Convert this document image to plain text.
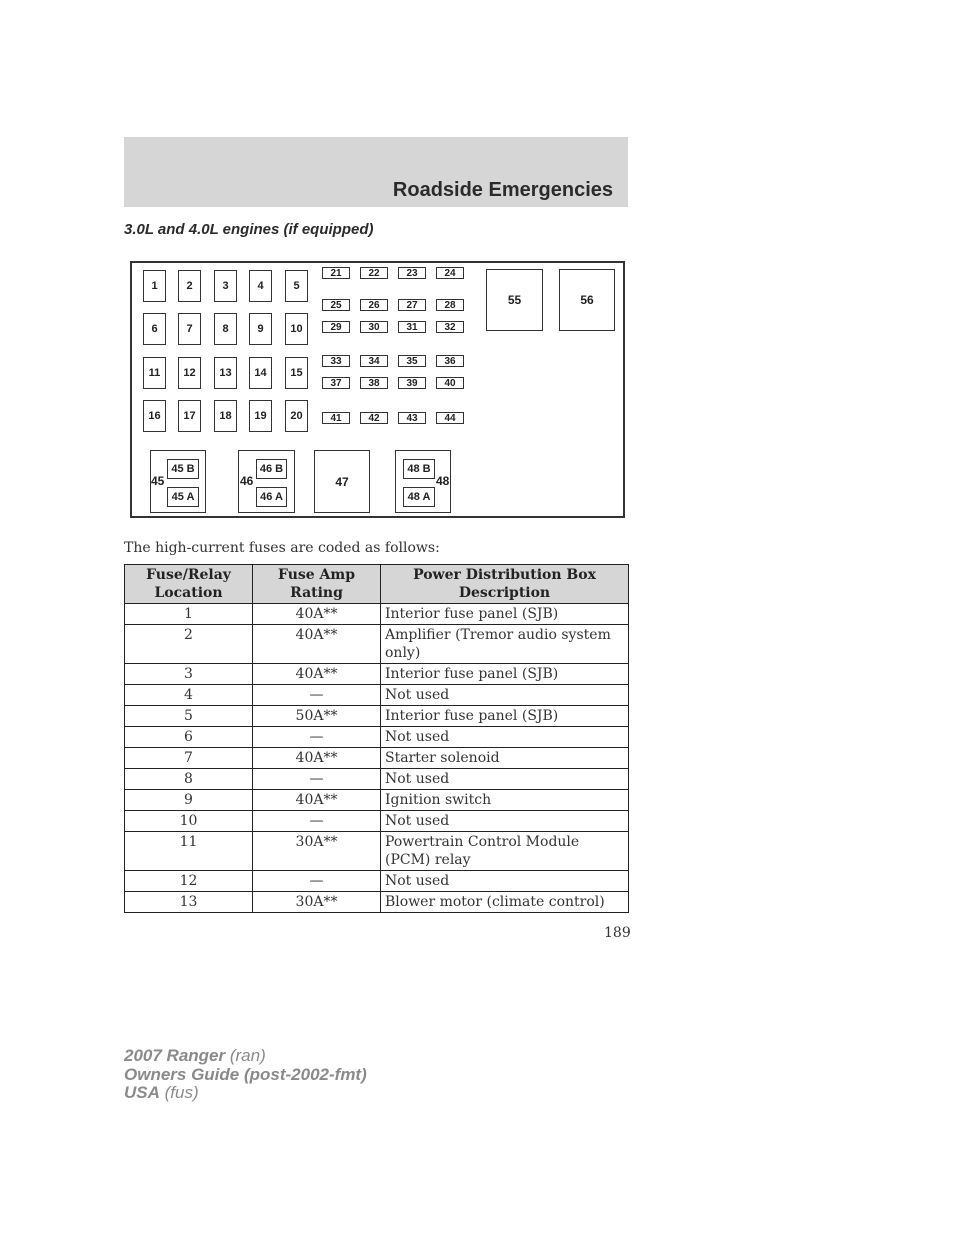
Roadside Emergencies
3.0L and 4.0L engines (if equipped)
55	56
47
45 B
45 A
45
46 B
46 A
46
48 B
48 A
48
1	2	3	4	5
6	7	8	9	10
11	12	13	14	15
16	17	18	19	20
21	22	23	24
25	26	27	28
29	30	31	32
33	34	35	36
37	38	39	40
41	42	43	44
The high-current fuses are coded as follows:
Fuse/Relay Location	Fuse Amp Rating	Power Distribution Box Description
1	40A**	Interior fuse panel (SJB)
2	40A**	Amplifier (Tremor audio system only)
3	40A**	Interior fuse panel (SJB)
4	—	Not used
5	50A**	Interior fuse panel (SJB)
6	—	Not used
7	40A**	Starter solenoid
8	—	Not used
9	40A**	Ignition switch
10	—	Not used
11	30A**	Powertrain Control Module (PCM) relay
12	—	Not used
13	30A**	Blower motor (climate control)
189
2007 Ranger (ran)
Owners Guide (post-2002-fmt)
USA (fus)
